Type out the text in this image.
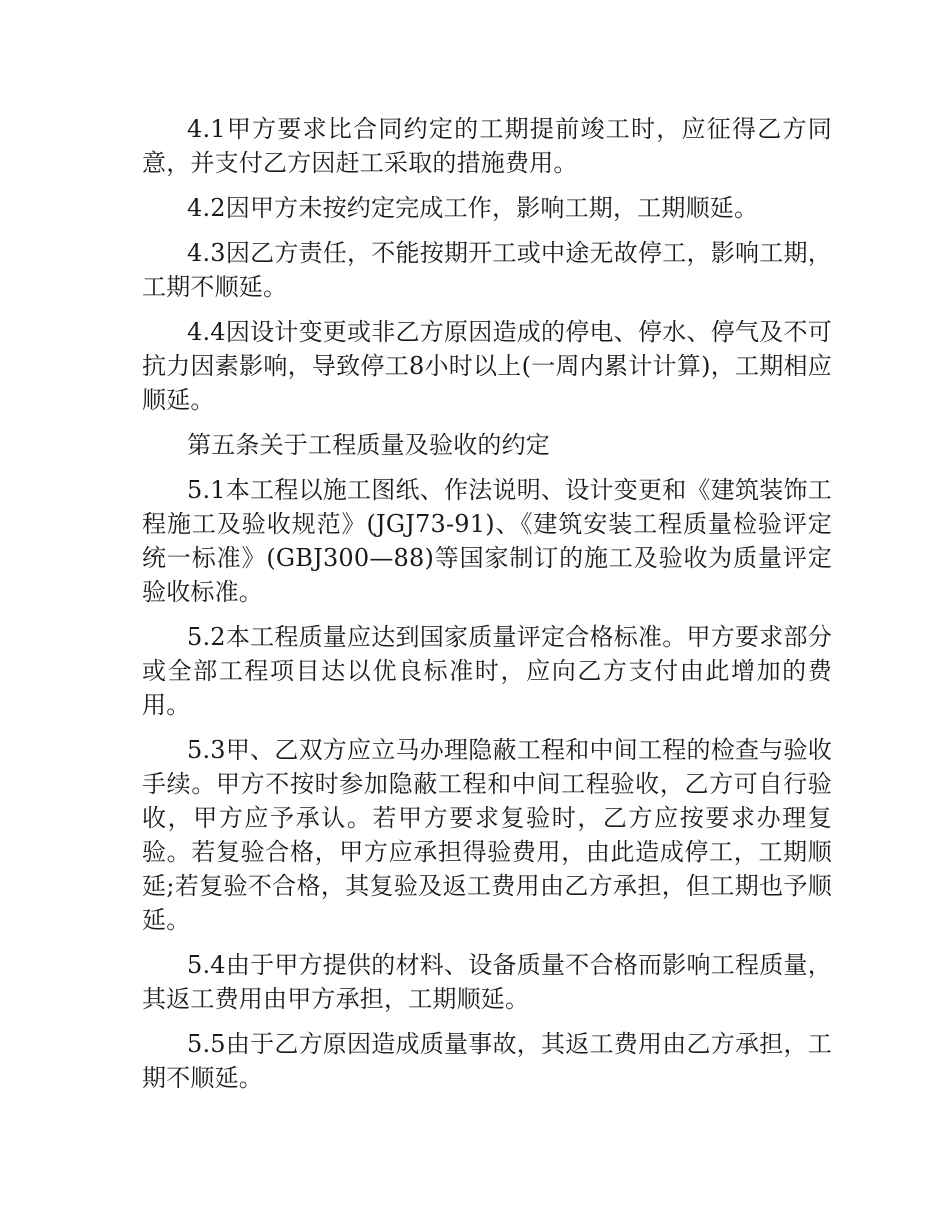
4.1甲方要求比合同约定的工期提前竣工时，应征得乙方同意，并支付乙方因赶工采取的措施费用。

4.2因甲方未按约定完成工作，影响工期，工期顺延。

4.3因乙方责任，不能按期开工或中途无故停工，影响工期，工期不顺延。

4.4因设计变更或非乙方原因造成的停电、停水、停气及不可抗力因素影响，导致停工8小时以上(一周内累计计算)，工期相应顺延。

第五条关于工程质量及验收的约定

5.1本工程以施工图纸、作法说明、设计变更和《建筑装饰工程施工及验收规范》(JGJ73-91)、《建筑安装工程质量检验评定统一标准》(GBJ300—88)等国家制订的施工及验收为质量评定验收标准。

5.2本工程质量应达到国家质量评定合格标准。甲方要求部分或全部工程项目达以优良标准时，应向乙方支付由此增加的费用。

5.3甲、乙双方应立马办理隐蔽工程和中间工程的检查与验收手续。甲方不按时参加隐蔽工程和中间工程验收，乙方可自行验收，甲方应予承认。若甲方要求复验时，乙方应按要求办理复验。若复验合格，甲方应承担得验费用，由此造成停工，工期顺延;若复验不合格，其复验及返工费用由乙方承担，但工期也予顺延。

5.4由于甲方提供的材料、设备质量不合格而影响工程质量，其返工费用由甲方承担，工期顺延。

5.5由于乙方原因造成质量事故，其返工费用由乙方承担，工期不顺延。
